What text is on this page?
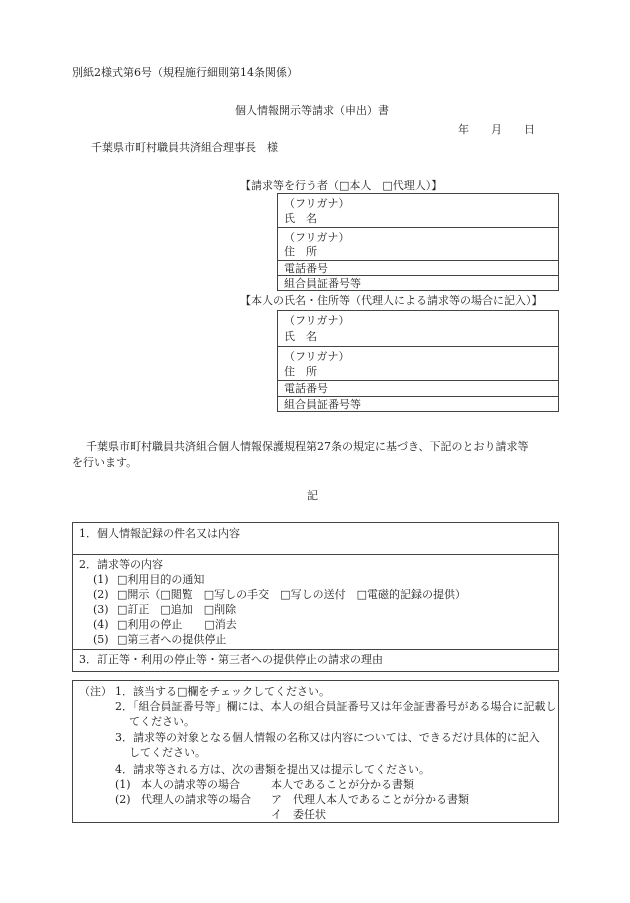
別紙2様式第6号（規程施行細則第14条関係）
個人情報開示等請求（申出）書
年　　月　　日
千葉県市町村職員共済組合理事長　様
【請求等を行う者（□本人　□代理人）】
（フリガナ）
氏　名
（フリガナ）
住　所
電話番号
組合員証番号等
【本人の氏名・住所等（代理人による請求等の場合に記入）】
（フリガナ）
氏　名
（フリガナ）
住　所
電話番号
組合員証番号等
千葉県市町村職員共済組合個人情報保護規程第27条の規定に基づき、下記のとおり請求等
を行います。
記
1．個人情報記録の件名又は内容
2．請求等の内容
(1) □利用目的の通知
(2) □開示（□閲覧　□写しの手交　□写しの送付　□電磁的記録の提供）
(3) □訂正　□追加　□削除
(4) □利用の停止　　□消去
(5) □第三者への提供停止
3．訂正等・利用の停止等・第三者への提供停止の請求の理由
（注） 1．該当する□欄をチェックしてください。
2．「組合員証番号等」欄には、本人の組合員証番号又は年金証書番号がある場合に記載し
てください。
3．請求等の対象となる個人情報の名称又は内容については、できるだけ具体的に記入
してください。
4．請求等される方は、次の書類を提出又は提示してください。
(1) 本人の請求等の場合	本人であることが分かる書類
(2) 代理人の請求等の場合 ア　代理人本人であることが分かる書類
イ　委任状
